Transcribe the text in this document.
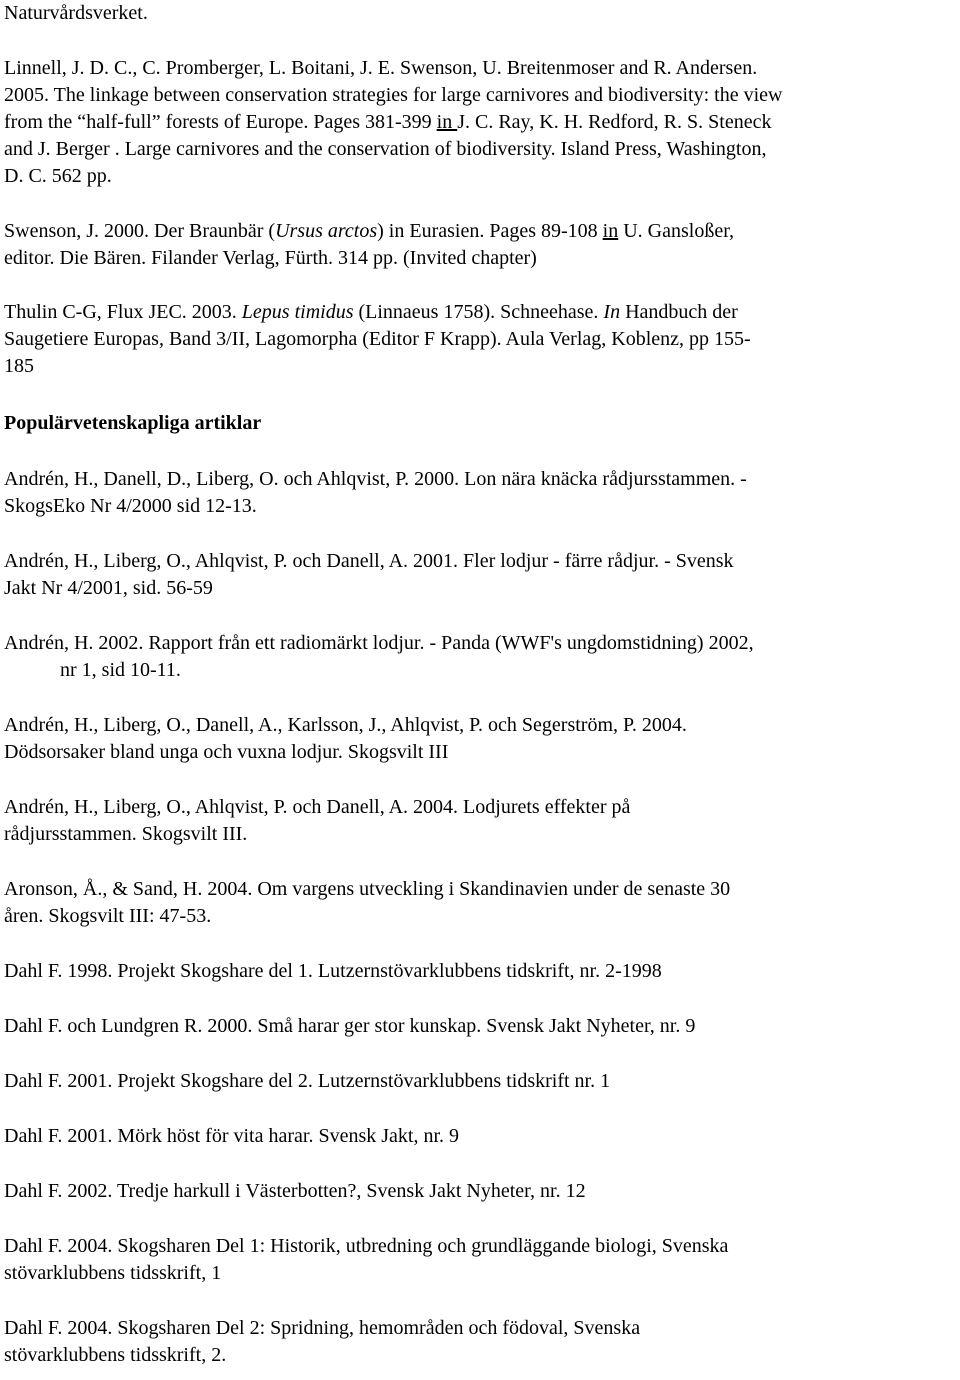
Naturvårdsverket.
Linnell, J. D. C., C. Promberger, L. Boitani, J. E. Swenson, U. Breitenmoser and R. Andersen.
2005. The linkage between conservation strategies for large carnivores and biodiversity: the view
from the “half-full” forests of Europe. Pages 381-399 in J. C. Ray, K. H. Redford, R. S. Steneck
and J. Berger . Large carnivores and the conservation of biodiversity. Island Press, Washington,
D. C. 562 pp.
Swenson, J. 2000. Der Braunbär (Ursus arctos) in Eurasien. Pages 89-108 in U. Gansloßer,
editor. Die Bären. Filander Verlag, Fürth. 314 pp. (Invited chapter)
Thulin C-G, Flux JEC. 2003. Lepus timidus (Linnaeus 1758). Schneehase. In Handbuch der
Saugetiere Europas, Band 3/II, Lagomorpha (Editor F Krapp). Aula Verlag, Koblenz, pp 155-
185
Populärvetenskapliga artiklar
Andrén, H., Danell, D., Liberg, O. och Ahlqvist, P. 2000. Lon nära knäcka rådjursstammen. -
SkogsEko Nr 4/2000 sid 12-13.
Andrén, H., Liberg, O., Ahlqvist, P. och Danell, A. 2001. Fler lodjur - färre rådjur. - Svensk
Jakt Nr 4/2001, sid. 56-59
Andrén, H. 2002. Rapport från ett radiomärkt lodjur. - Panda (WWF's ungdomstidning) 2002,
nr 1, sid 10-11.
Andrén, H., Liberg, O., Danell, A., Karlsson, J., Ahlqvist, P. och Segerström, P. 2004.
Dödsorsaker bland unga och vuxna lodjur. Skogsvilt III
Andrén, H., Liberg, O., Ahlqvist, P. och Danell, A. 2004. Lodjurets effekter på
rådjursstammen. Skogsvilt III.
Aronson, Å., & Sand, H. 2004. Om vargens utveckling i Skandinavien under de senaste 30
åren. Skogsvilt III: 47-53.
Dahl F. 1998. Projekt Skogshare del 1. Lutzernstövarklubbens tidskrift, nr. 2-1998
Dahl F. och Lundgren R. 2000. Små harar ger stor kunskap. Svensk Jakt Nyheter, nr. 9
Dahl F. 2001. Projekt Skogshare del 2. Lutzernstövarklubbens tidskrift nr. 1
Dahl F. 2001. Mörk höst för vita harar. Svensk Jakt, nr. 9
Dahl F. 2002. Tredje harkull i Västerbotten?, Svensk Jakt Nyheter, nr. 12
Dahl F. 2004. Skogsharen Del 1: Historik, utbredning och grundläggande biologi, Svenska
stövarklubbens tidsskrift, 1
Dahl F. 2004. Skogsharen Del 2: Spridning, hemområden och födoval, Svenska
stövarklubbens tidsskrift, 2.
